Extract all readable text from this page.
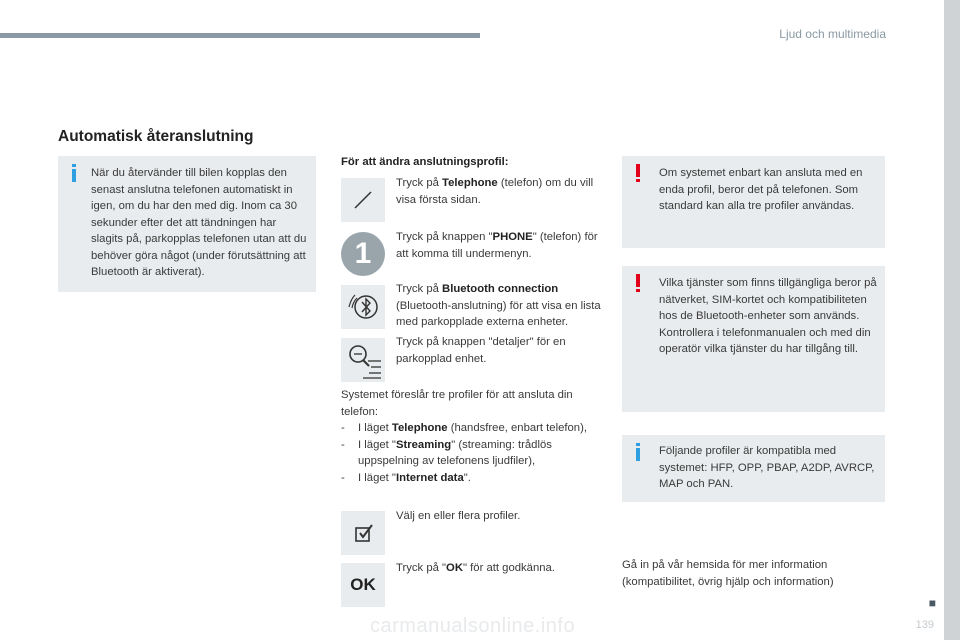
Ljud och multimedia
■
139
carmanualsonline.info
Automatisk återanslutning

När du återvänder till bilen kopplas den senast anslutna telefonen automatiskt in igen, om du har den med dig. Inom ca 30 sekunder efter det att tändningen har slagits på, parkopplas telefonen utan att du behöver göra något (under förutsättning att Bluetooth är aktiverat).

För att ändra anslutningsprofil:
Tryck på Telephone (telefon) om du vill visa första sidan.
1	Tryck på knappen "PHONE" (telefon) för att komma till undermenyn.
Tryck på Bluetooth connection (Bluetooth-anslutning) för att visa en lista med parkopplade externa enheter.
Tryck på knappen "detaljer" för en parkopplad enhet.
Systemet föreslår tre profiler för att ansluta din telefon:
- I läget Telephone (handsfree, enbart telefon),
- I läget "Streaming" (streaming: trådlös uppspelning av telefonens ljudfiler),
- I läget "Internet data".
Välj en eller flera profiler.
OK
Tryck på "OK" för att godkänna.

Om systemet enbart kan ansluta med en enda profil, beror det på telefonen. Som standard kan alla tre profiler användas.

Vilka tjänster som finns tillgängliga beror på nätverket, SIM-kortet och kompatibiliteten hos de Bluetooth-enheter som används. Kontrollera i telefonmanualen och med din operatör vilka tjänster du har tillgång till.

Följande profiler är kompatibla med systemet: HFP, OPP, PBAP, A2DP, AVRCP, MAP och PAN.

Gå in på vår hemsida för mer information (kompatibilitet, övrig hjälp och information)
